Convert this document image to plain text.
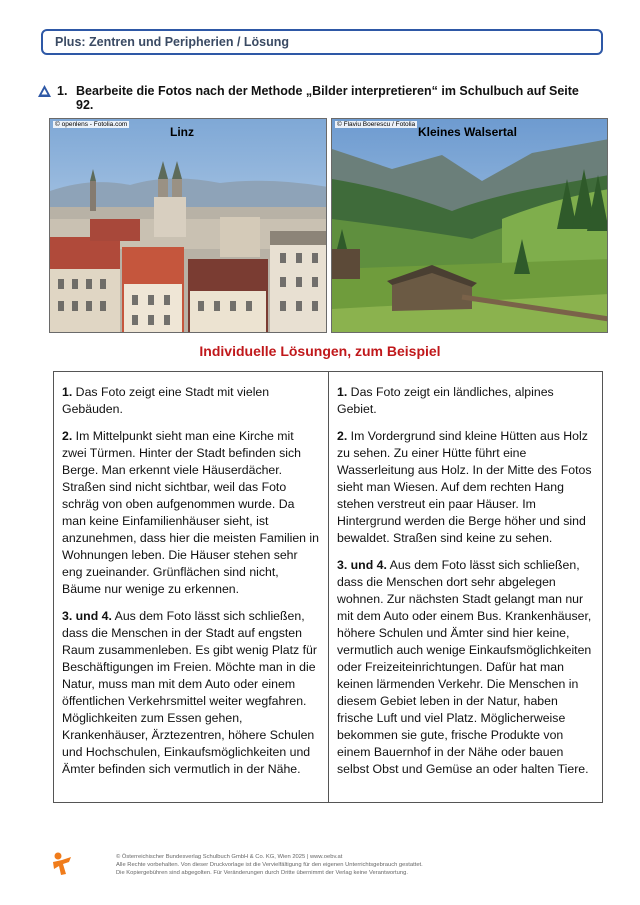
Plus: Zentren und Peripherien / Lösung
1. Bearbeite die Fotos nach der Methode „Bilder interpretieren“ im Schulbuch auf Seite 92.
© openlens - Fotolia.com
Linz
© Flaviu Boerescu / Fotolia
Kleines Walsertal
Individuelle Lösungen, zum Beispiel

1. Das Foto zeigt eine Stadt mit vielen Gebäuden.

2. Im Mittelpunkt sieht man eine Kirche mit zwei Türmen. Hinter der Stadt befinden sich Berge. Man erkennt viele Häuserdächer. Straßen sind nicht sichtbar, weil das Foto schräg von oben aufgenommen wurde. Da man keine Einfamilienhäuser sieht, ist anzunehmen, dass hier die meisten Familien in Wohnungen leben. Die Häuser stehen sehr eng zueinander. Grünflächen sind nicht, Bäume nur wenige zu erkennen.

3. und 4. Aus dem Foto lässt sich schließen, dass die Menschen in der Stadt auf engsten Raum zusammenleben. Es gibt wenig Platz für Beschäftigungen im Freien. Möchte man in die Natur, muss man mit dem Auto oder einem öffentlichen Verkehrsmittel weiter wegfahren. Möglichkeiten zum Essen gehen, Krankenhäuser, Ärztezentren, höhere Schulen und Hochschulen, Einkaufsmöglichkeiten und Ämter befinden sich vermutlich in der Nähe.

1. Das Foto zeigt ein ländliches, alpines Gebiet.

2. Im Vordergrund sind kleine Hütten aus Holz zu sehen. Zu einer Hütte führt eine Wasserleitung aus Holz. In der Mitte des Fotos sieht man Wiesen. Auf dem rechten Hang stehen verstreut ein paar Häuser. Im Hintergrund werden die Berge höher und sind bewaldet. Straßen sind keine zu sehen.

3. und 4. Aus dem Foto lässt sich schließen, dass die Menschen dort sehr abgelegen wohnen. Zur nächsten Stadt gelangt man nur mit dem Auto oder einem Bus. Krankenhäuser, höhere Schulen und Ämter sind hier keine, vermutlich auch wenige Einkaufsmöglichkeiten oder Freizeiteinrichtungen. Dafür hat man keinen lärmenden Verkehr. Die Menschen in diesem Gebiet leben in der Natur, haben frische Luft und viel Platz. Möglicherweise bekommen sie gute, frische Produkte von einem Bauernhof in der Nähe oder bauen selbst Obst und Gemüse an oder halten Tiere.

© Österreichischer Bundesverlag Schulbuch GmbH & Co. KG, Wien 2025 | www.oebv.at
Alle Rechte vorbehalten. Von dieser Druckvorlage ist die Vervielfältigung für den eigenen Unterrichtsgebrauch gestattet.
Die Kopiergebühren sind abgegolten. Für Veränderungen durch Dritte übernimmt der Verlag keine Verantwortung.
